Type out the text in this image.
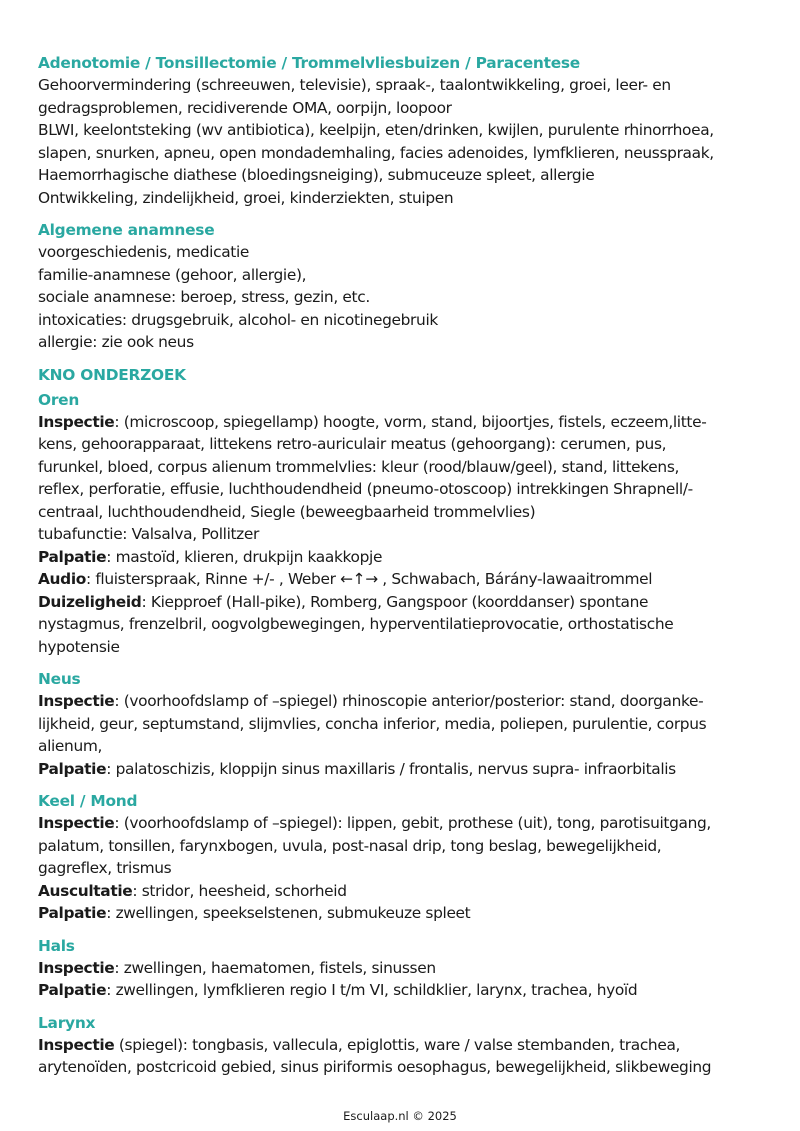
Adenotomie / Tonsillectomie / Trommelvliesbuizen / Paracentese
Gehoorvermindering (schreeuwen, televisie), spraak-, taalontwikkeling, groei, leer- en
gedragsproblemen, recidiverende OMA, oorpijn, loopoor
BLWI, keelontsteking (wv antibiotica), keelpijn, eten/drinken, kwijlen, purulente rhinorrhoea,
slapen, snurken, apneu, open mondademhaling, facies adenoides, lymfklieren, neusspraak,
Haemorrhagische diathese (bloedingsneiging), submuceuze spleet, allergie
Ontwikkeling, zindelijkheid, groei, kinderziekten, stuipen
Algemene anamnese
voorgeschiedenis, medicatie
familie-anamnese (gehoor, allergie),
sociale anamnese: beroep, stress, gezin, etc.
intoxicaties: drugsgebruik, alcohol- en nicotinegebruik
allergie: zie ook neus
KNO ONDERZOEK
Oren
Inspectie: (microscoop, spiegellamp) hoogte, vorm, stand, bijoortjes, fistels, eczeem,litte-
kens, gehoorapparaat, littekens retro-auriculair meatus (gehoorgang): cerumen, pus,
furunkel, bloed, corpus alienum trommelvlies: kleur (rood/blauw/geel), stand, littekens,
reflex, perforatie, effusie, luchthoudendheid (pneumo-otoscoop) intrekkingen Shrapnell/-
centraal, luchthoudendheid, Siegle (beweegbaarheid trommelvlies)
tubafunctie: Valsalva, Pollitzer
Palpatie: mastoïd, klieren, drukpijn kaakkopje
Audio: fluisterspraak, Rinne +/- , Weber ←↑→ , Schwabach, Bárány-lawaaitrommel
Duizeligheid: Kiepproef (Hall-pike), Romberg, Gangspoor (koorddanser) spontane
nystagmus, frenzelbril, oogvolgbewegingen, hyperventilatieprovocatie, orthostatische
hypotensie
Neus
Inspectie: (voorhoofdslamp of –spiegel) rhinoscopie anterior/posterior: stand, doorganke-
lijkheid, geur, septumstand, slijmvlies, concha inferior, media, poliepen, purulentie, corpus
alienum,
Palpatie: palatoschizis, kloppijn sinus maxillaris / frontalis, nervus supra- infraorbitalis
Keel / Mond
Inspectie: (voorhoofdslamp of –spiegel): lippen, gebit, prothese (uit), tong, parotisuitgang,
palatum, tonsillen, farynxbogen, uvula, post-nasal drip, tong beslag, bewegelijkheid,
gagreflex, trismus
Auscultatie: stridor, heesheid, schorheid
Palpatie: zwellingen, speekselstenen, submukeuze spleet
Hals
Inspectie: zwellingen, haematomen, fistels, sinussen
Palpatie: zwellingen, lymfklieren regio I t/m VI, schildklier, larynx, trachea, hyoïd
Larynx
Inspectie (spiegel): tongbasis, vallecula, epiglottis, ware / valse stembanden, trachea,
arytenoïden, postcricoid gebied, sinus piriformis oesophagus, bewegelijkheid, slikbeweging
Esculaap.nl © 2025
